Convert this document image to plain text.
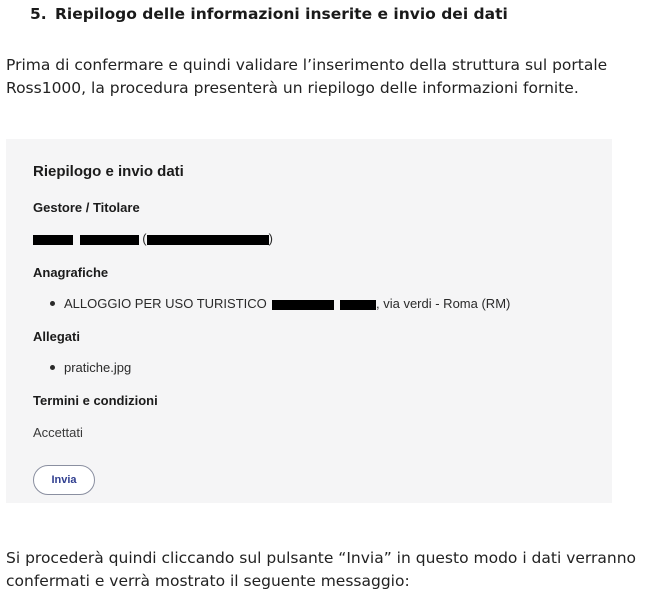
5. Riepilogo delle informazioni inserite e invio dei dati
Prima di confermare e quindi validare l’inserimento della struttura sul portale Ross1000, la procedura presenterà un riepilogo delle informazioni fornite.
Riepilogo e invio dati
Gestore / Titolare
(	)
Anagrafiche
ALLOGGIO PER USO TURISTICO	, via verdi - Roma (RM)
Allegati
pratiche.jpg
Termini e condizioni
Accettati
Invia
Si procederà quindi cliccando sul pulsante “Invia” in questo modo i dati verranno confermati e verrà mostrato il seguente messaggio:
